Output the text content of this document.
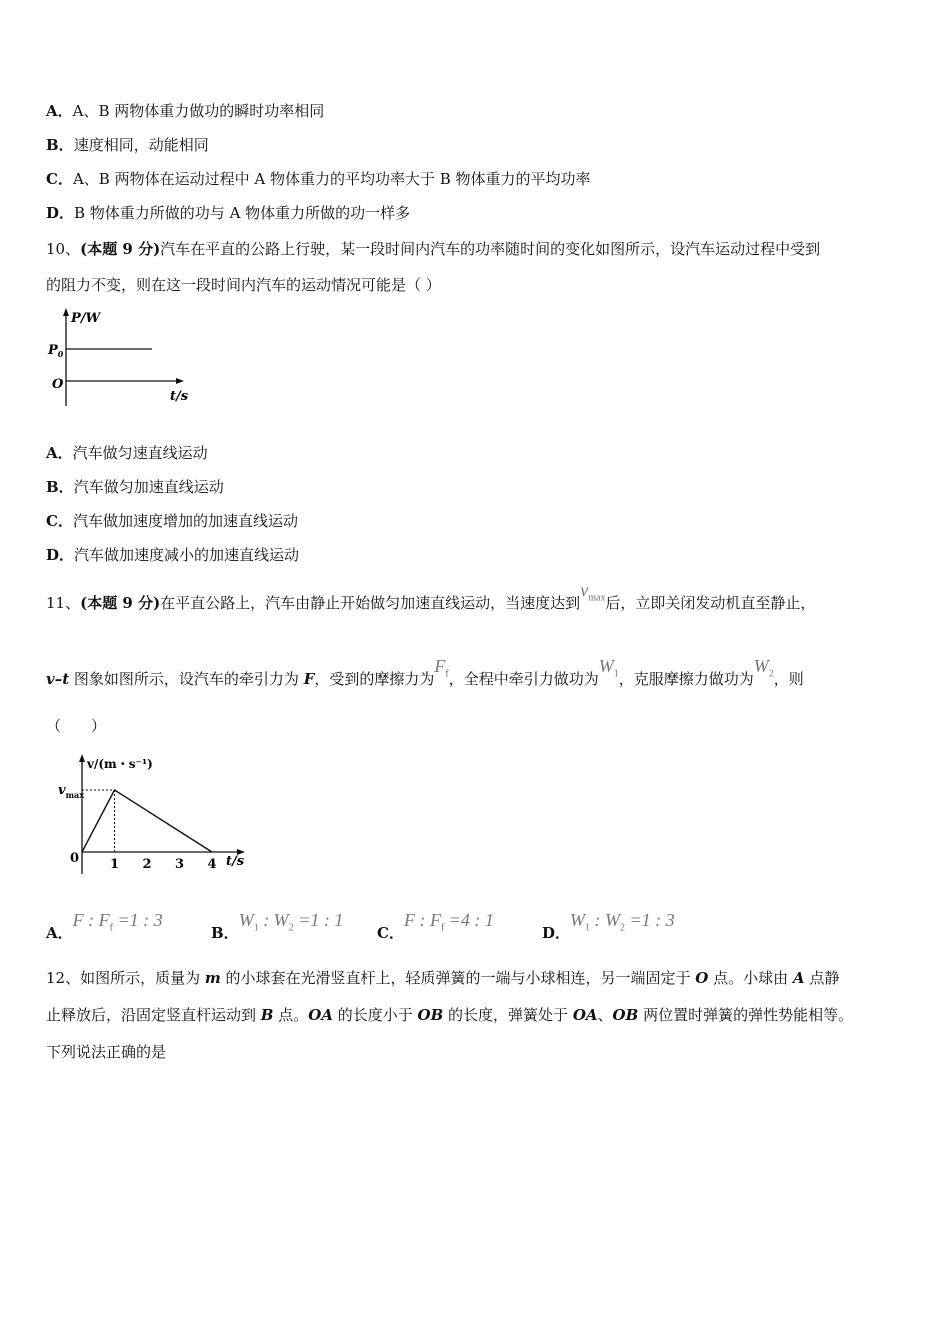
A．A、B 两物体重力做功的瞬时功率相同
B．速度相同，动能相同
C．A、B 两物体在运动过程中 A 物体重力的平均功率大于 B 物体重力的平均功率
D．B 物体重力所做的功与 A 物体重力所做的功一样多
10、(本题 9 分)汽车在平直的公路上行驶，某一段时间内汽车的功率随时间的变化如图所示，设汽车运动过程中受到
的阻力不变，则在这一段时间内汽车的运动情况可能是（ ）
P/W
$P_0$
O
t/s
A．汽车做匀速直线运动
B．汽车做匀加速直线运动
C．汽车做加速度增加的加速直线运动
D．汽车做加速度减小的加速直线运动
11、(本题 9 分)在平直公路上，汽车由静止开始做匀加速直线运动，当速度达到$v_{max}$后，立即关闭发动机直至静止，
v–t 图象如图所示，设汽车的牵引力为 F，受到的摩擦力为$F_f$，全程中牵引力做功为$W_1$，克服摩擦力做功为$W_2$，则
（　　）
v/(m・s⁻¹)
$v_{max}$
t/s
0 1 2 3 4
A．F : $F_f =1$ : 3
B．$W_1$ : $W_2 =1$ : 1
C．F : $F_f =4$ : 1
D．$W_1$ : $W_2 =1$ : 3
12、如图所示，质量为 m 的小球套在光滑竖直杆上，轻质弹簧的一端与小球相连，另一端固定于 O 点。小球由 A 点静
止释放后，沿固定竖直杆运动到 B 点。OA 的长度小于 OB 的长度，弹簧处于 OA、OB 两位置时弹簧的弹性势能相等。
下列说法正确的是
